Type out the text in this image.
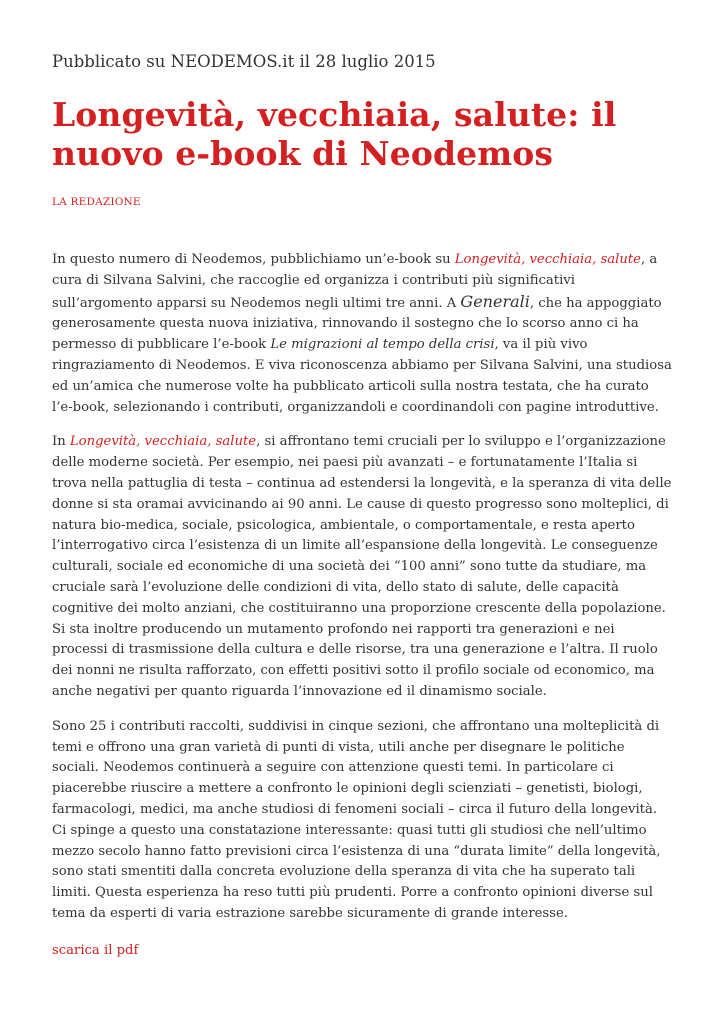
Pubblicato su NEODEMOS.it il 28 luglio 2015
Longevità, vecchiaia, salute: il nuovo e-book di Neodemos
LA REDAZIONE

In questo numero di Neodemos, pubblichiamo un’e-book su Longevità, vecchiaia, salute, a cura di Silvana Salvini, che raccoglie ed organizza i contributi più significativi sull’argomento apparsi su Neodemos negli ultimi tre anni. A Generali, che ha appoggiato generosamente questa nuova iniziativa, rinnovando il sostegno che lo scorso anno ci ha permesso di pubblicare l’e-book Le migrazioni al tempo della crisi, va il più vivo ringraziamento di Neodemos. E viva riconoscenza abbiamo per Silvana Salvini, una studiosa ed un’amica che numerose volte ha pubblicato articoli sulla nostra testata, che ha curato l’e-book, selezionando i contributi, organizzandoli e coordinandoli con pagine introduttive.

In Longevità, vecchiaia, salute, si affrontano temi cruciali per lo sviluppo e l’organizzazione delle moderne società. Per esempio, nei paesi più avanzati – e fortunatamente l’Italia si trova nella pattuglia di testa – continua ad estendersi la longevità, e la speranza di vita delle donne si sta oramai avvicinando ai 90 anni. Le cause di questo progresso sono molteplici, di natura bio-medica, sociale, psicologica, ambientale, o comportamentale, e resta aperto l’interrogativo circa l’esistenza di un limite all’espansione della longevità. Le conseguenze culturali, sociale ed economiche di una società dei “100 anni” sono tutte da studiare, ma cruciale sarà l’evoluzione delle condizioni di vita, dello stato di salute, delle capacità cognitive dei molto anziani, che costituiranno una proporzione crescente della popolazione. Si sta inoltre producendo un mutamento profondo nei rapporti tra generazioni e nei processi di trasmissione della cultura e delle risorse, tra una generazione e l’altra. Il ruolo dei nonni ne risulta rafforzato, con effetti positivi sotto il profilo sociale od economico, ma anche negativi per quanto riguarda l’innovazione ed il dinamismo sociale.

Sono 25 i contributi raccolti, suddivisi in cinque sezioni, che affrontano una molteplicità di temi e offrono una gran varietà di punti di vista, utili anche per disegnare le politiche sociali. Neodemos continuerà a seguire con attenzione questi temi. In particolare ci piacerebbe riuscire a mettere a confronto le opinioni degli scienziati – genetisti, biologi, farmacologi, medici, ma anche studiosi di fenomeni sociali – circa il futuro della longevità. Ci spinge a questo una constatazione interessante: quasi tutti gli studiosi che nell’ultimo mezzo secolo hanno fatto previsioni circa l’esistenza di una “durata limite” della longevità, sono stati smentiti dalla concreta evoluzione della speranza di vita che ha superato tali limiti. Questa esperienza ha reso tutti più prudenti. Porre a confronto opinioni diverse sul tema da esperti di varia estrazione sarebbe sicuramente di grande interesse.

scarica il pdf
